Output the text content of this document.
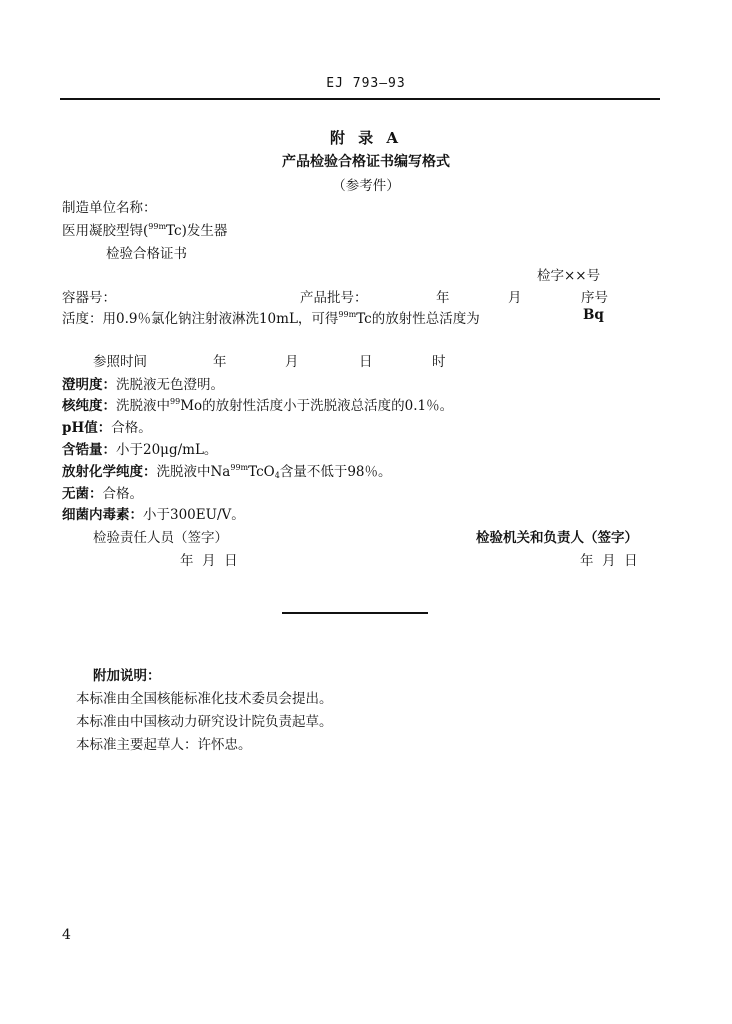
EJ 793—93
附 录 A
产品检验合格证书编写格式
（参考件）
制造单位名称：
医用凝胶型锝($^{99m}$Tc)发生器
检验合格证书
检字××号
容器号：	产品批号：	年	月	序号
活度：用0.9％氯化钠注射液淋洗10mL，可得$^{99m}$Tc的放射性总活度为	Bq
参照时间	年	月	日	时
澄明度：洗脱液无色澄明。
核纯度：洗脱液中$^{99}$Mo的放射性活度小于洗脱液总活度的0.1％。
pH值：合格。
含锆量：小于20μg/mL。
放射化学纯度：洗脱液中$Na^{99m}TcO_4$含量不低于98％。
无菌：合格。
细菌内毒素：小于300EU/V。
检验责任人员（签字）	检验机关和负责人（签字）
年  月  日	年  月  日
附加说明：
本标准由全国核能标准化技术委员会提出。
本标准由中国核动力研究设计院负责起草。
本标准主要起草人：许怀忠。
4
